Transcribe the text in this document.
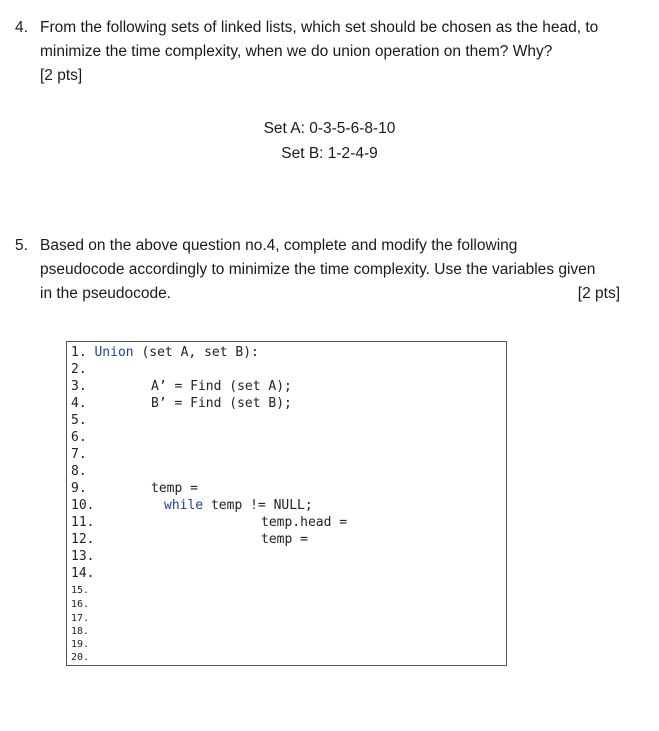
4. From the following sets of linked lists, which set should be chosen as the head, to
minimize the time complexity, when we do union operation on them? Why?
[2 pts]
Set A: 0-3-5-6-8-10
Set B: 1-2-4-9
5. Based on the above question no.4, complete and modify the following
pseudocode accordingly to minimize the time complexity. Use the variables given
in the pseudocode.	[2 pts]
1. Union (set A, set B):
2.
3.
4.
5.
6.
7.
8.
9.
10.
11.
12.
13.
14.
15.
16.
17.
18.
19.
20.
A’ = Find (set A);
B’ = Find (set B);
temp =
while temp != NULL;
temp.head =
temp =
